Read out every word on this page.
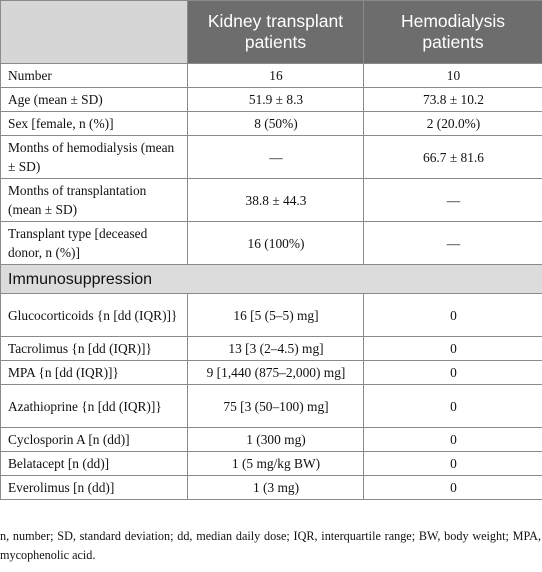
	Kidney transplant patients	Hemodialysis patients
Number	16	10
Age (mean ± SD)	51.9 ± 8.3	73.8 ± 10.2
Sex [female, n (%)]	8 (50%)	2 (20.0%)
Months of hemodialysis (mean ± SD)	—	66.7 ± 81.6
Months of transplantation (mean ± SD)	38.8 ± 44.3	—
Transplant type [deceased donor, n (%)]	16 (100%)	—
Immunosuppression		
Glucocorticoids {n [dd (IQR)]}	16 [5 (5–5) mg]	0
Tacrolimus {n [dd (IQR)]}	13 [3 (2–4.5) mg]	0
MPA {n [dd (IQR)]}	9 [1,440 (875–2,000) mg]	0
Azathioprine {n [dd (IQR)]}	75 [3 (50–100) mg]	0
Cyclosporin A [n (dd)]	1 (300 mg)	0
Belatacept [n (dd)]	1 (5 mg/kg BW)	0
Everolimus [n (dd)]	1 (3 mg)	0
n, number; SD, standard deviation; dd, median daily dose; IQR, interquartile range; BW, body weight; MPA, mycophenolic acid.
